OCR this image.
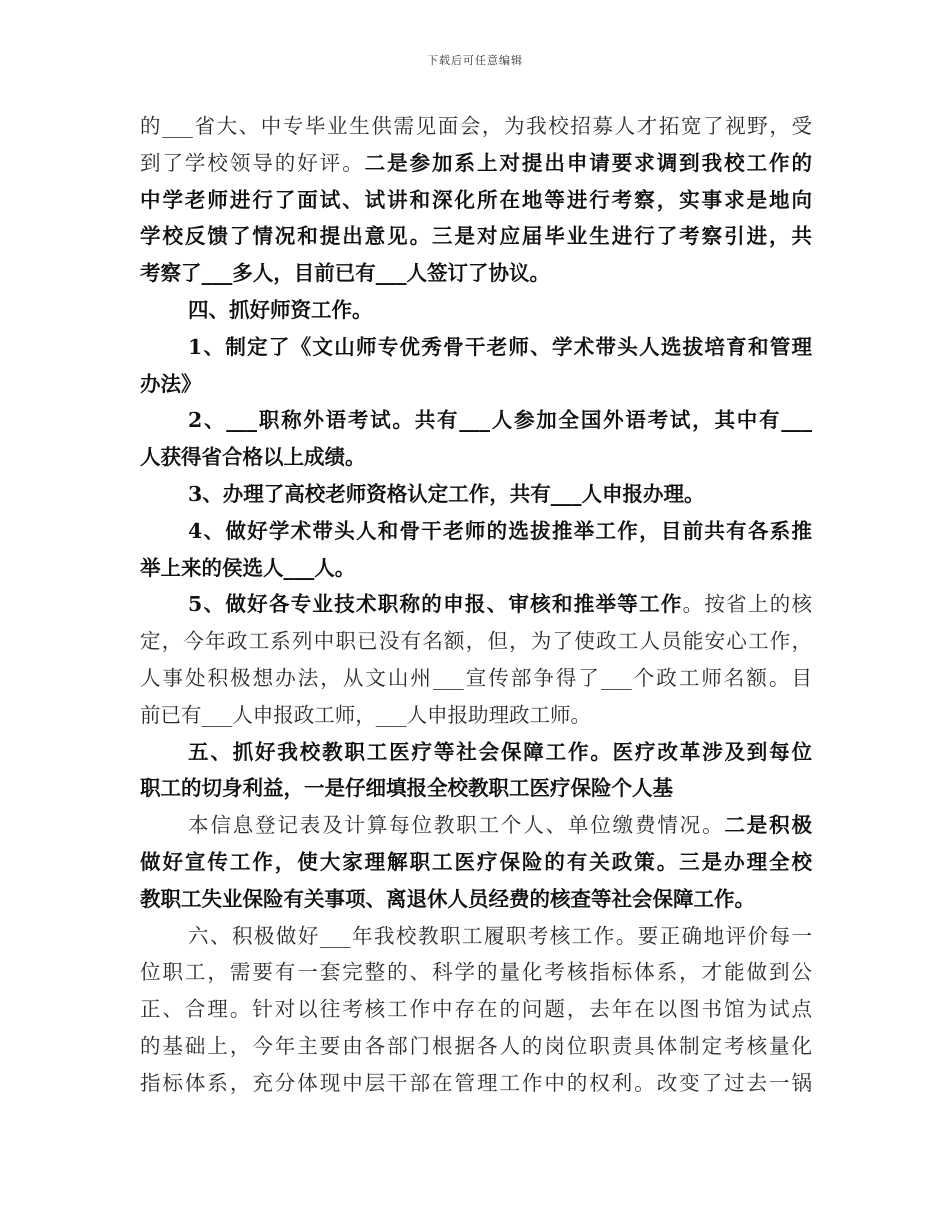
下载后可任意编辑
的___省大、中专毕业生供需见面会，为我校招募人才拓宽了视野，受
到了学校领导的好评。二是参加系上对提出申请要求调到我校工作的
中学老师进行了面试、试讲和深化所在地等进行考察，实事求是地向
学校反馈了情况和提出意见。三是对应届毕业生进行了考察引进，共
考察了___多人，目前已有___人签订了协议。
四、抓好师资工作。
1、制定了《文山师专优秀骨干老师、学术带头人选拔培育和管理
办法》
2、___职称外语考试。共有___人参加全国外语考试，其中有___
人获得省合格以上成绩。
3、办理了高校老师资格认定工作，共有___人申报办理。
4、做好学术带头人和骨干老师的选拔推举工作，目前共有各系推
举上来的侯选人___人。
5、做好各专业技术职称的申报、审核和推举等工作。按省上的核
定，今年政工系列中职已没有名额，但，为了使政工人员能安心工作，
人事处积极想办法，从文山州___宣传部争得了___个政工师名额。目
前已有___人申报政工师，___人申报助理政工师。
五、抓好我校教职工医疗等社会保障工作。医疗改革涉及到每位
职工的切身利益，一是仔细填报全校教职工医疗保险个人基
本信息登记表及计算每位教职工个人、单位缴费情况。二是积极
做好宣传工作，使大家理解职工医疗保险的有关政策。三是办理全校
教职工失业保险有关事项、离退休人员经费的核查等社会保障工作。
六、积极做好___年我校教职工履职考核工作。要正确地评价每一
位职工，需要有一套完整的、科学的量化考核指标体系，才能做到公
正、合理。针对以往考核工作中存在的问题，去年在以图书馆为试点
的基础上，今年主要由各部门根据各人的岗位职责具体制定考核量化
指标体系，充分体现中层干部在管理工作中的权利。改变了过去一锅
